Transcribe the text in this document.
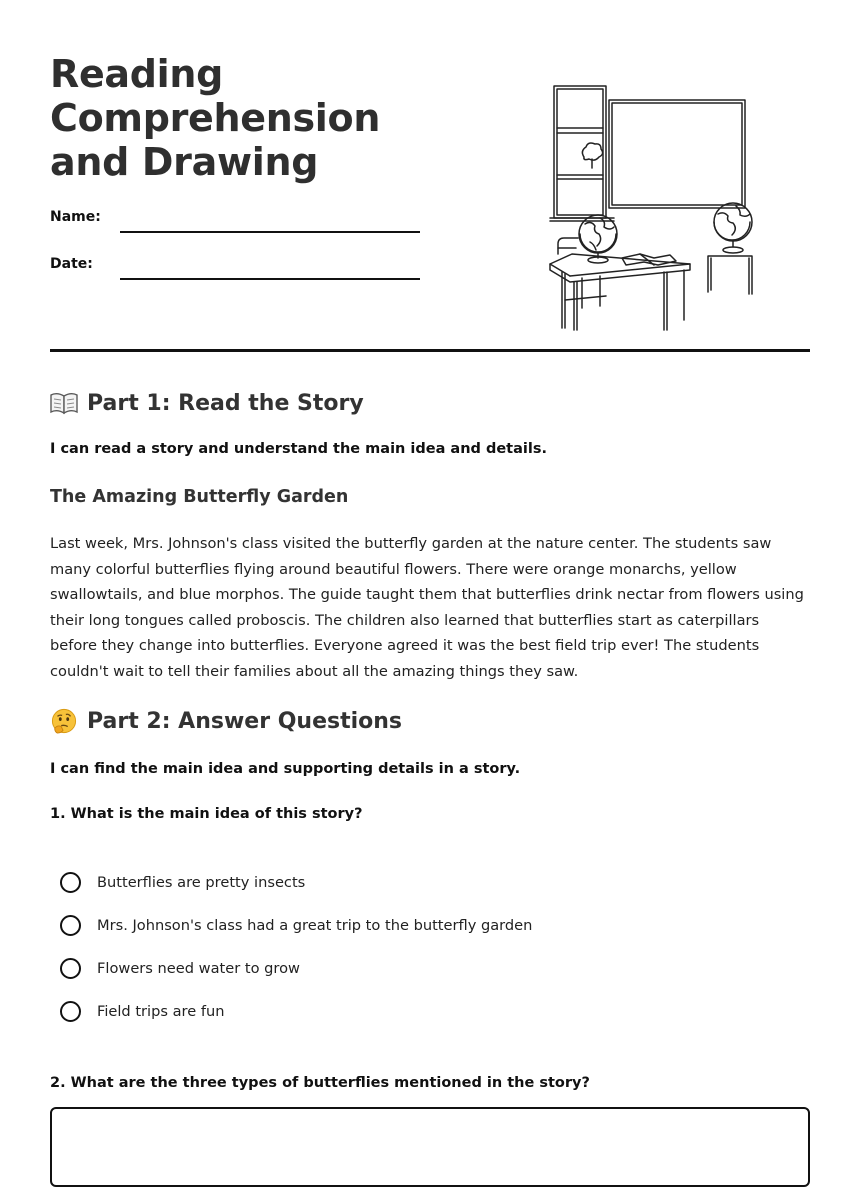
Reading Comprehension and Drawing
Name:
Date:
Part 1: Read the Story
I can read a story and understand the main idea and details.
The Amazing Butterfly Garden

Last week, Mrs. Johnson's class visited the butterfly garden at the nature center. The students saw many colorful butterflies flying around beautiful flowers. There were orange monarchs, yellow swallowtails, and blue morphos. The guide taught them that butterflies drink nectar from flowers using their long tongues called proboscis. The children also learned that butterflies start as caterpillars before they change into butterflies. Everyone agreed it was the best field trip ever! The students couldn't wait to tell their families about all the amazing things they saw.

Part 2: Answer Questions
I can find the main idea and supporting details in a story.
1. What is the main idea of this story?
Butterflies are pretty insects
Mrs. Johnson's class had a great trip to the butterfly garden
Flowers need water to grow
Field trips are fun
2. What are the three types of butterflies mentioned in the story?
